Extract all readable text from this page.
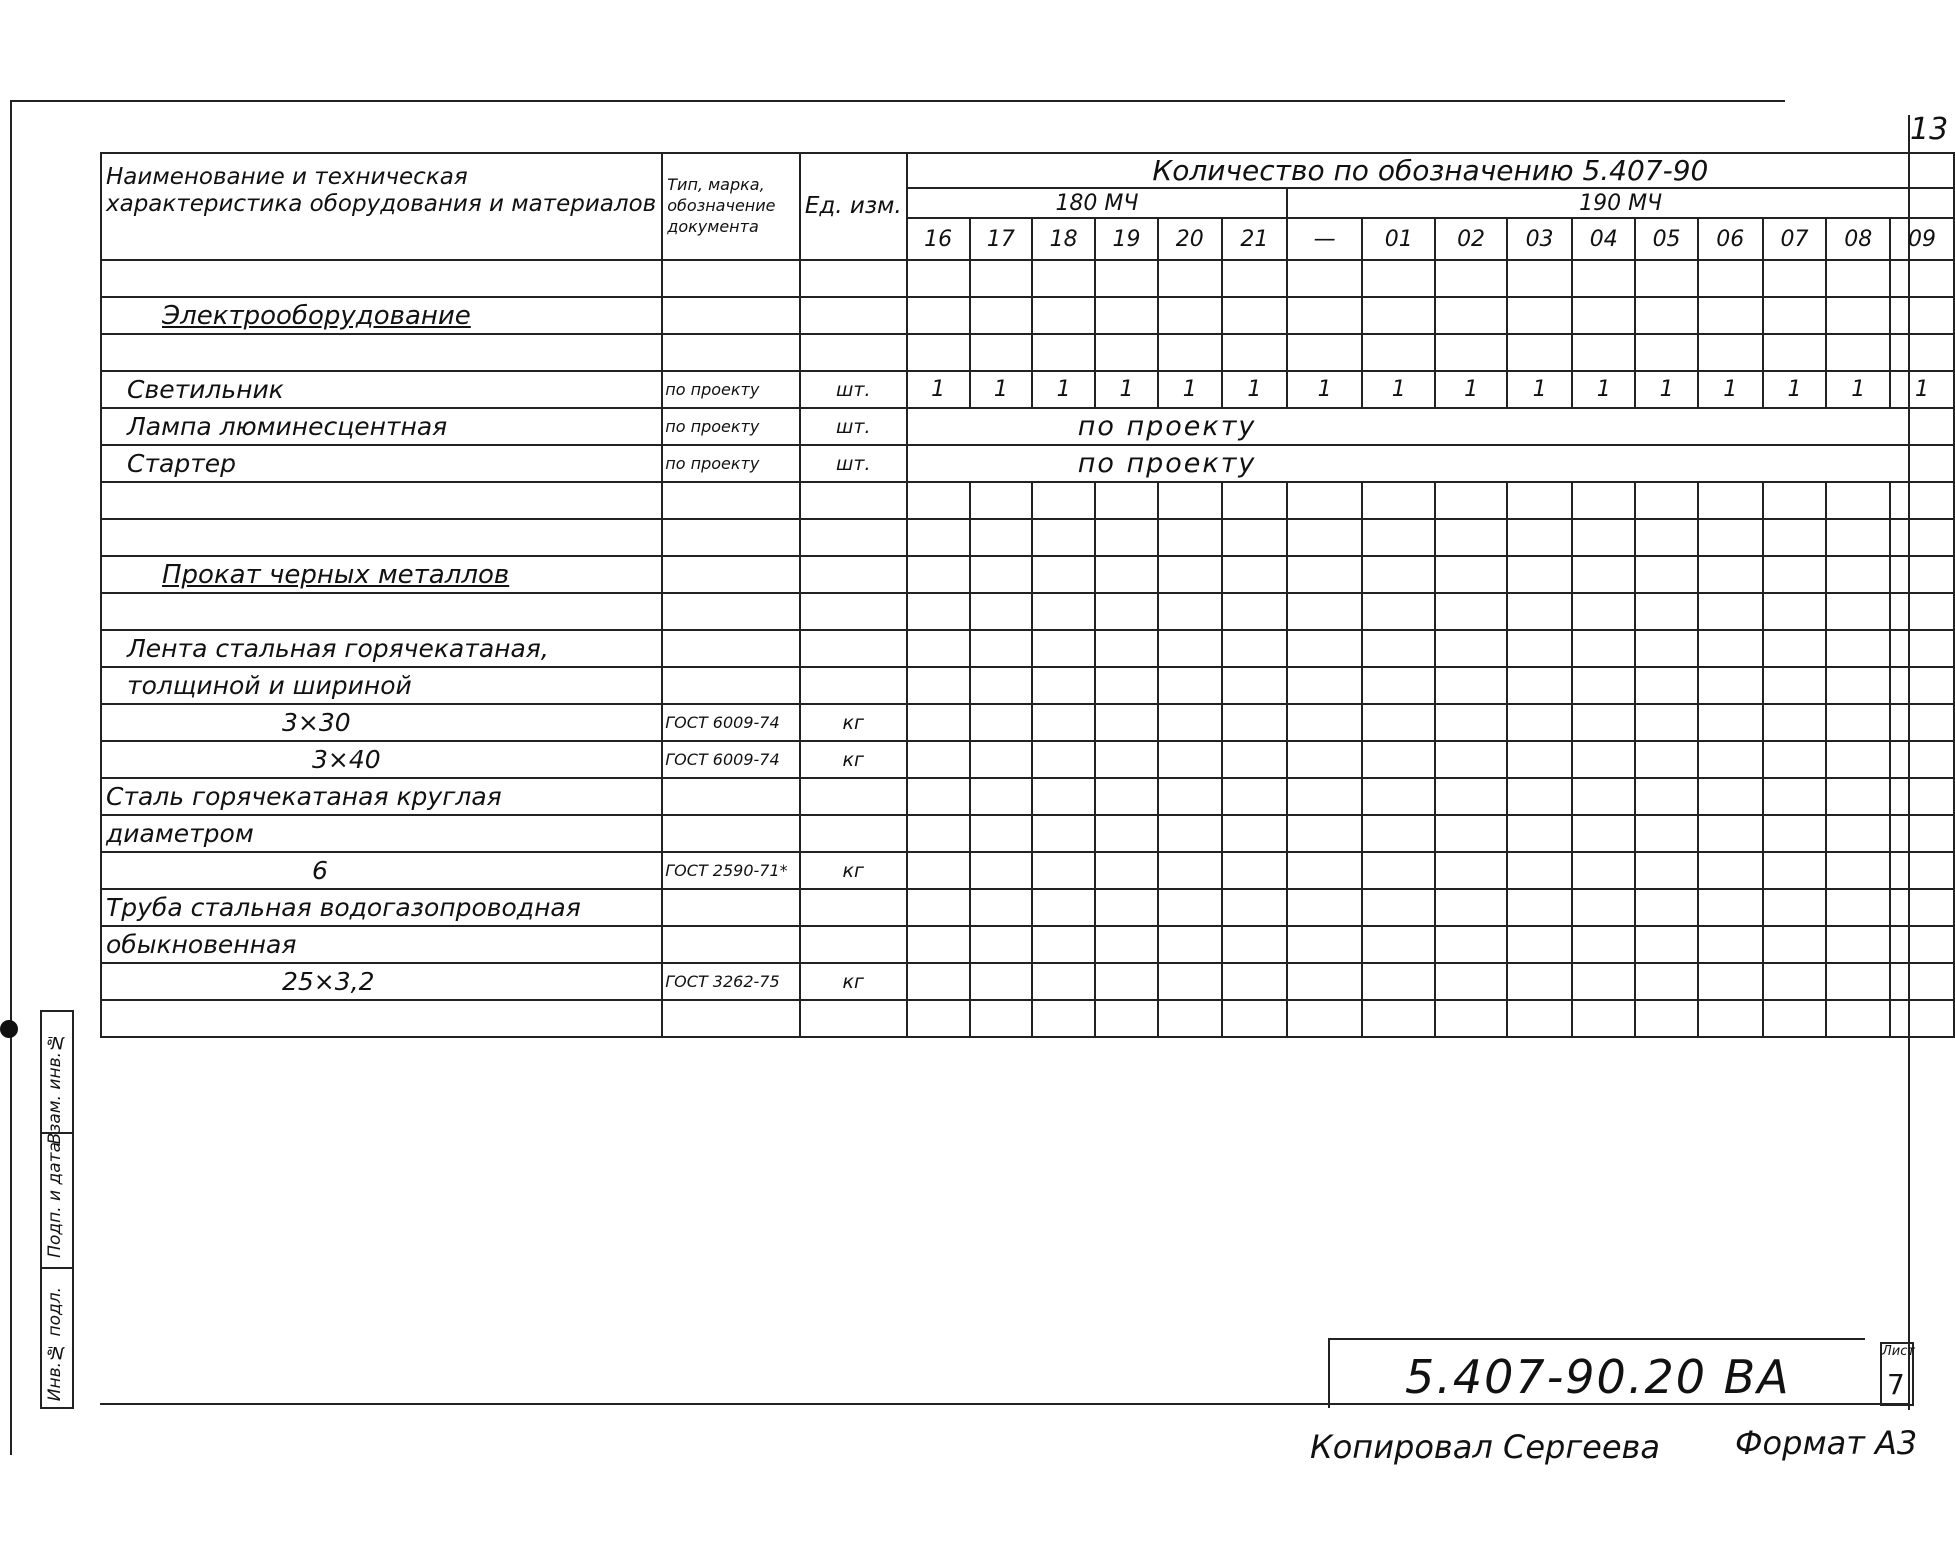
13
Наименование и техническая характеристика оборудования и материалов	Тип, марка, обозначение документа	Ед. изм.	Количество по обозначению 5.407-90															
			180 МЧ						190 МЧ									
			16	17	18	19	20	21	—	01	02	03	04	05	06	07	08	09

Электрооборудование																		

Светильник	по проекту	шт.	1	1	1	1	1	1	1	1	1	1	1	1	1	1	1	1
Лампа люминесцентная	по проекту	шт.	по проекту															
Стартер	по проекту	шт.	по проекту															

Прокат черных металлов																		

Лента стальная горячекатаная,																		
толщиной и шириной																		
3×30	ГОСТ 6009-74	кг																
3×40	ГОСТ 6009-74	кг																
Сталь горячекатаная круглая																		
диаметром																		
6	ГОСТ 2590-71*	кг																
Труба стальная водогазопроводная																		
обыкновенная																		
25×3,2	ГОСТ 3262-75	кг																

Инв.№ подл.
Подп. и дата
Взам. инв.№
5.407-90.20 ВА	Лист
7
Копировал Сергеева Формат А3
